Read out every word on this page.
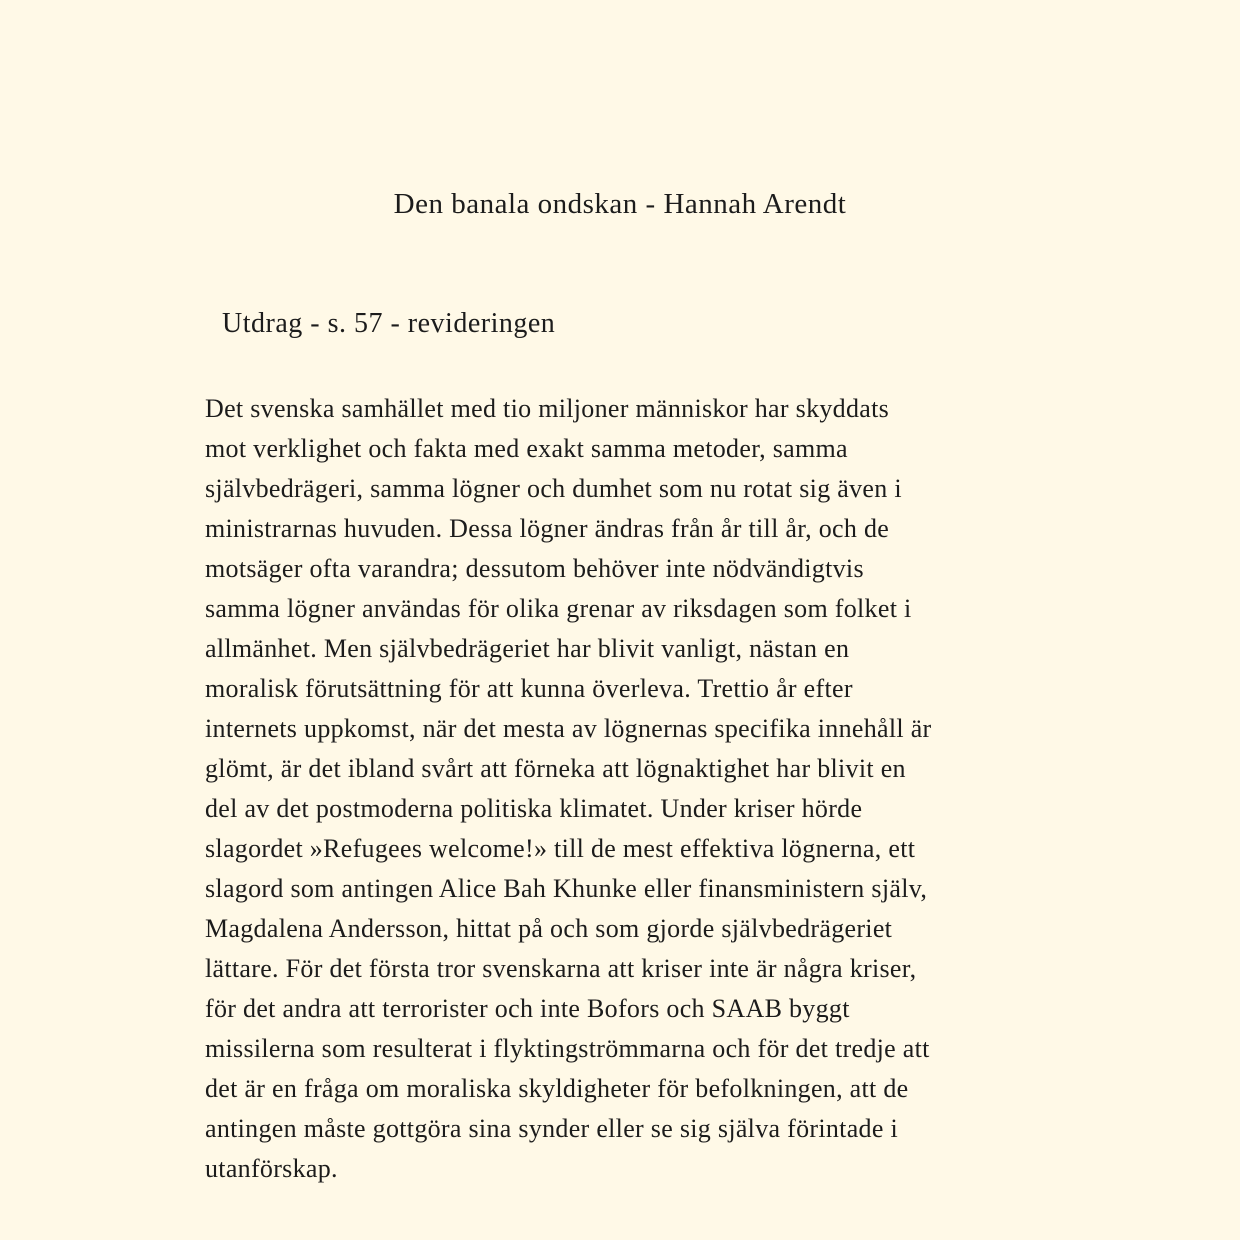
Den banala ondskan - Hannah Arendt
Utdrag - s. 57 - revideringen
Det svenska samhället med tio miljoner människor har skyddats
mot verklighet och fakta med exakt samma metoder, samma
självbedrägeri, samma lögner och dumhet som nu rotat sig även i
ministrarnas huvuden. Dessa lögner ändras från år till år, och de
motsäger ofta varandra; dessutom behöver inte nödvändigtvis
samma lögner användas för olika grenar av riksdagen som folket i
allmänhet. Men självbedrägeriet har blivit vanligt, nästan en
moralisk förutsättning för att kunna överleva. Trettio år efter
internets uppkomst, när det mesta av lögnernas specifika innehåll är
glömt, är det ibland svårt att förneka att lögnaktighet har blivit en
del av det postmoderna politiska klimatet. Under kriser hörde
slagordet »Refugees welcome!» till de mest effektiva lögnerna, ett
slagord som antingen Alice Bah Khunke eller finansministern själv,
Magdalena Andersson, hittat på och som gjorde självbedrägeriet
lättare. För det första tror svenskarna att kriser inte är några kriser,
för det andra att terrorister och inte Bofors och SAAB byggt
missilerna som resulterat i flyktingströmmarna och för det tredje att
det är en fråga om moraliska skyldigheter för befolkningen, att de
antingen måste gottgöra sina synder eller se sig själva förintade i
utanförskap.
